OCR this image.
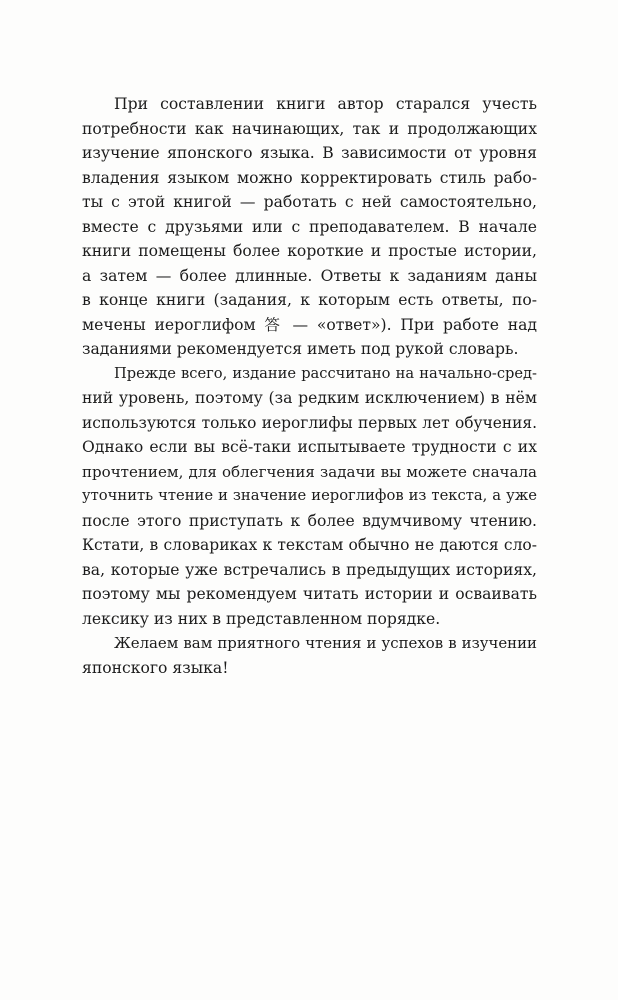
При составлении книги автор старался учесть
потребности как начинающих, так и продолжающих
изучение японского языка. В зависимости от уровня
владения языком можно корректировать стиль рабо-
ты с этой книгой — работать с ней самостоятельно,
вместе с друзьями или с преподавателем. В начале
книги помещены более короткие и простые истории,
а затем — более длинные. Ответы к заданиям даны
в конце книги (задания, к которым есть ответы, по-
мечены иероглифом 答 — «ответ»). При работе над
заданиями рекомендуется иметь под рукой словарь.
Прежде всего, издание рассчитано на начально-сред-
ний уровень, поэтому (за редким исключением) в нём
используются только иероглифы первых лет обучения.
Однако если вы всё-таки испытываете трудности с их
прочтением, для облегчения задачи вы можете сначала
уточнить чтение и значение иероглифов из текста, а уже
после этого приступать к более вдумчивому чтению.
Кстати, в словариках к текстам обычно не даются сло-
ва, которые уже встречались в предыдущих историях,
поэтому мы рекомендуем читать истории и осваивать
лексику из них в представленном порядке.
Желаем вам приятного чтения и успехов в изучении
японского языка!
